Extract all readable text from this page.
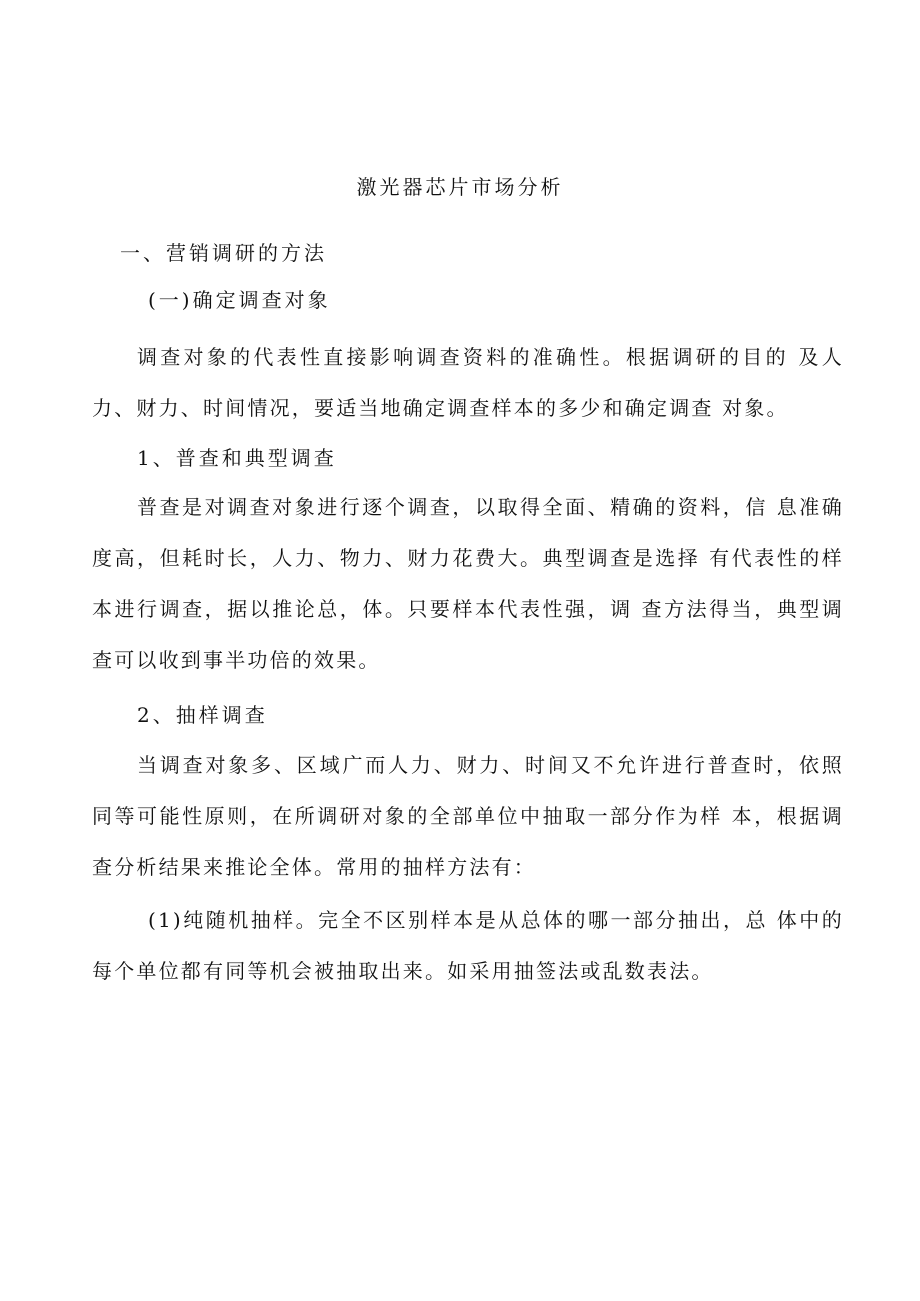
激光器芯片市场分析
一、营销调研的方法
(一)确定调查对象

调查对象的代表性直接影响调查资料的准确性。根据调研的目的 及人力、财力、时间情况，要适当地确定调查样本的多少和确定调查 对象。

1、普查和典型调查

普查是对调查对象进行逐个调查，以取得全面、精确的资料，信 息准确度高，但耗时长，人力、物力、财力花费大。典型调查是选择 有代表性的样本进行调查，据以推论总，体。只要样本代表性强，调 查方法得当，典型调查可以收到事半功倍的效果。

2、抽样调查

当调查对象多、区域广而人力、财力、时间又不允许进行普查时，依照同等可能性原则，在所调研对象的全部单位中抽取一部分作为样 本，根据调查分析结果来推论全体。常用的抽样方法有：

(1)纯随机抽样。完全不区别样本是从总体的哪一部分抽出，总 体中的每个单位都有同等机会被抽取出来。如采用抽签法或乱数表法。
